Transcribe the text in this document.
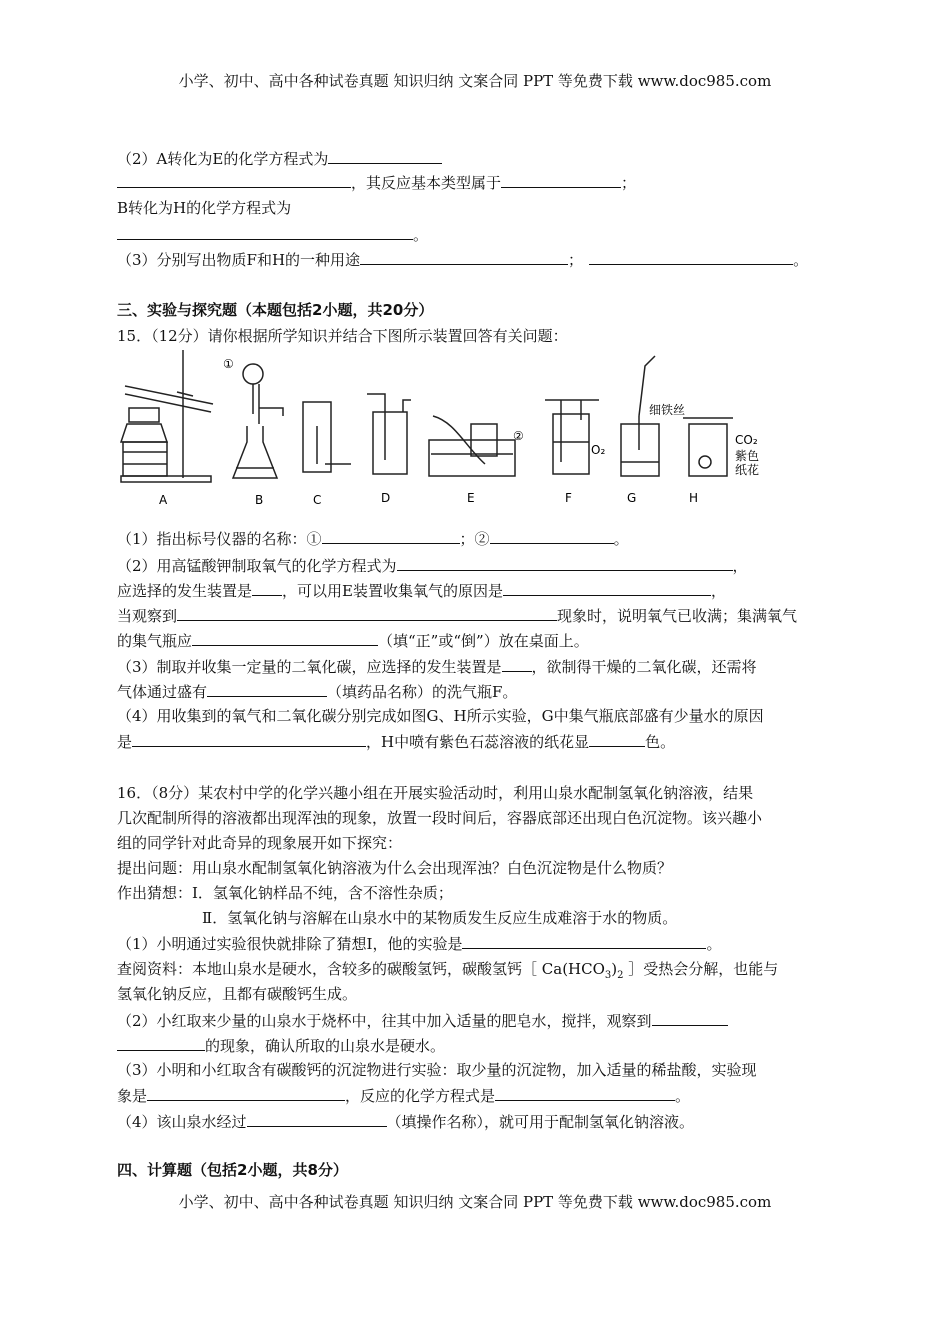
小学、初中、高中各种试卷真题 知识归纳 文案合同 PPT 等免费下载 www.doc985.com
（2）A转化为E的化学方程式为
，其反应基本类型属于	；
B转化为H的化学方程式为
。
（3）分别写出物质F和H的一种用途	；	。
三、实验与探究题（本题包括2小题，共20分）
15．（12分）请你根据所学知识并结合下图所示装置回答有关问题：
①
②
细铁丝
O₂
CO₂
紫色
纸花
A	B	C	D	E	F	G	H
（1）指出标号仪器的名称：①	；②	。
（2）用高锰酸钾制取氧气的化学方程式为	，
应选择的发生装置是 ，可以用E装置收集氧气的原因是	，
当观察到	现象时，说明氧气已收满；集满氧气
的集气瓶应	（填“正”或“倒”）放在桌面上。
（3）制取并收集一定量的二氧化碳，应选择的发生装置是 ，欲制得干燥的二氧化碳，还需将
气体通过盛有	（填药品名称）的洗气瓶F。
（4）用收集到的氧气和二氧化碳分别完成如图G、H所示实验，G中集气瓶底部盛有少量水的原因
是	，H中喷有紫色石蕊溶液的纸花显	色。
16．（8分）某农村中学的化学兴趣小组在开展实验活动时，利用山泉水配制氢氧化钠溶液，结果
几次配制所得的溶液都出现浑浊的现象，放置一段时间后，容器底部还出现白色沉淀物。该兴趣小
组的同学针对此奇异的现象展开如下探究：
提出问题：用山泉水配制氢氧化钠溶液为什么会出现浑浊？白色沉淀物是什么物质？
作出猜想：Ⅰ．氢氧化钠样品不纯，含不溶性杂质；
Ⅱ．氢氧化钠与溶解在山泉水中的某物质发生反应生成难溶于水的物质。
（1）小明通过实验很快就排除了猜想Ⅰ，他的实验是	。
查阅资料：本地山泉水是硬水，含较多的碳酸氢钙，碳酸氢钙［ $Ca(HCO_3)_2$ ］受热会分解，也能与
氢氧化钠反应，且都有碳酸钙生成。
（2）小红取来少量的山泉水于烧杯中，往其中加入适量的肥皂水，搅拌，观察到
的现象，确认所取的山泉水是硬水。
（3）小明和小红取含有碳酸钙的沉淀物进行实验：取少量的沉淀物，加入适量的稀盐酸，实验现
象是	，反应的化学方程式是	。
（4）该山泉水经过	（填操作名称），就可用于配制氢氧化钠溶液。
四、计算题（包括2小题，共8分）
小学、初中、高中各种试卷真题 知识归纳 文案合同 PPT 等免费下载 www.doc985.com
